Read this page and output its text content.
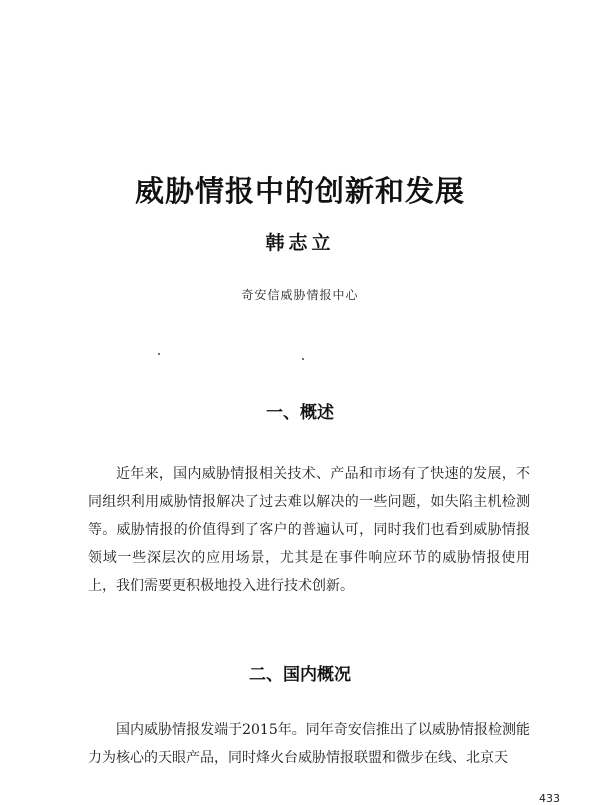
威胁情报中的创新和发展
韩志立
奇安信威胁情报中心
一、概述

近年来，国内威胁情报相关技术、产品和市场有了快速的发展，不同组织利用威胁情报解决了过去难以解决的一些问题，如失陷主机检测等。威胁情报的价值得到了客户的普遍认可，同时我们也看到威胁情报领域一些深层次的应用场景，尤其是在事件响应环节的威胁情报使用上，我们需要更积极地投入进行技术创新。

二、国内概况

国内威胁情报发端于2015年。同年奇安信推出了以威胁情报检测能力为核心的天眼产品，同时烽火台威胁情报联盟和微步在线、北京天

433
